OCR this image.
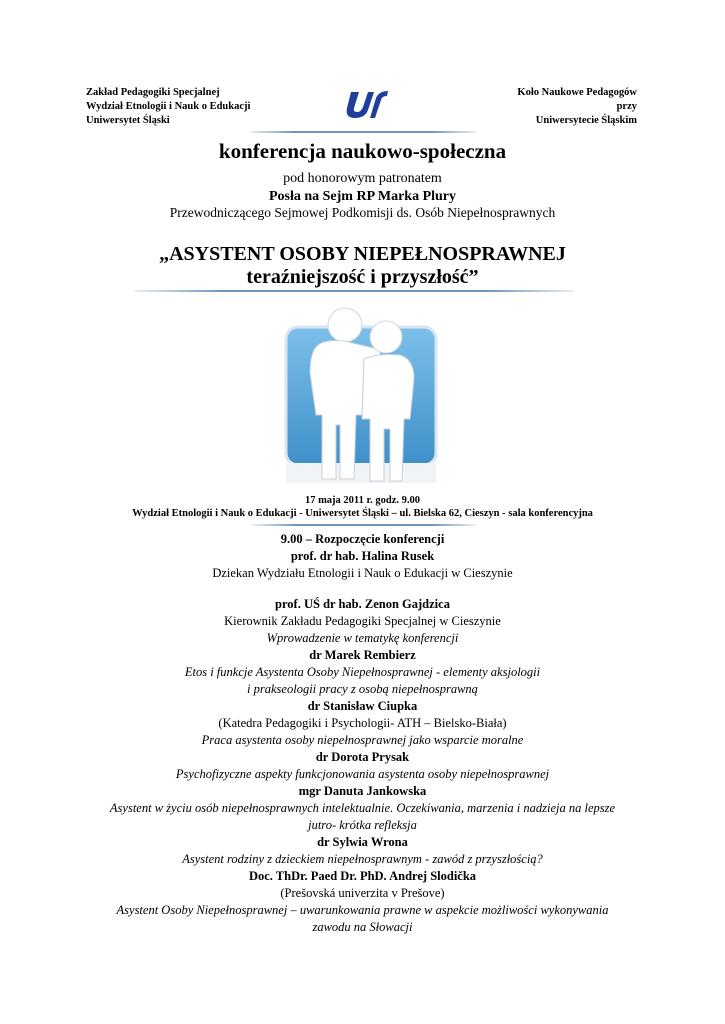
Zakład Pedagogiki Specjalnej
Wydział Etnologii i Nauk o Edukacji
Uniwersytet Śląski
Koło Naukowe Pedagogów
przy
Uniwersytecie Śląskim
konferencja naukowo-społeczna
pod honorowym patronatem
Posła na Sejm RP Marka Plury
Przewodniczącego Sejmowej Podkomisji ds. Osób Niepełnosprawnych
„ASYSTENT OSOBY NIEPEŁNOSPRAWNEJ
teraźniejszość i przyszłość”
17 maja 2011 r. godz. 9.00
Wydział Etnologii i Nauk o Edukacji - Uniwersytet Śląski – ul. Bielska 62, Cieszyn - sala konferencyjna
9.00 – Rozpoczęcie konferencji
prof. dr hab. Halina Rusek
Dziekan Wydziału Etnologii i Nauk o Edukacji w Cieszynie
prof. UŚ dr hab. Zenon Gajdzica
Kierownik Zakładu Pedagogiki Specjalnej w Cieszynie
Wprowadzenie w tematykę konferencji
dr Marek Rembierz
Etos i funkcje Asystenta Osoby Niepełnosprawnej - elementy aksjologii
i prakseologii pracy z osobą niepełnosprawną
dr Stanisław Ciupka
(Katedra Pedagogiki i Psychologii- ATH – Bielsko-Biała)
Praca asystenta osoby niepełnosprawnej jako wsparcie moralne
dr Dorota Prysak
Psychofizyczne aspekty funkcjonowania asystenta osoby niepełnosprawnej
mgr Danuta Jankowska
Asystent w życiu osób niepełnosprawnych intelektualnie. Oczekiwania, marzenia i nadzieja na lepsze
jutro- krótka refleksja
dr Sylwia Wrona
Asystent rodziny z dzieckiem niepełnosprawnym - zawód z przyszłością?
Doc. ThDr. Paed Dr. PhD. Andrej Slodička
(Prešovská univerzita v Prešove)
Asystent Osoby Niepełnosprawnej – uwarunkowania prawne w aspekcie możliwości wykonywania
zawodu na Słowacji
